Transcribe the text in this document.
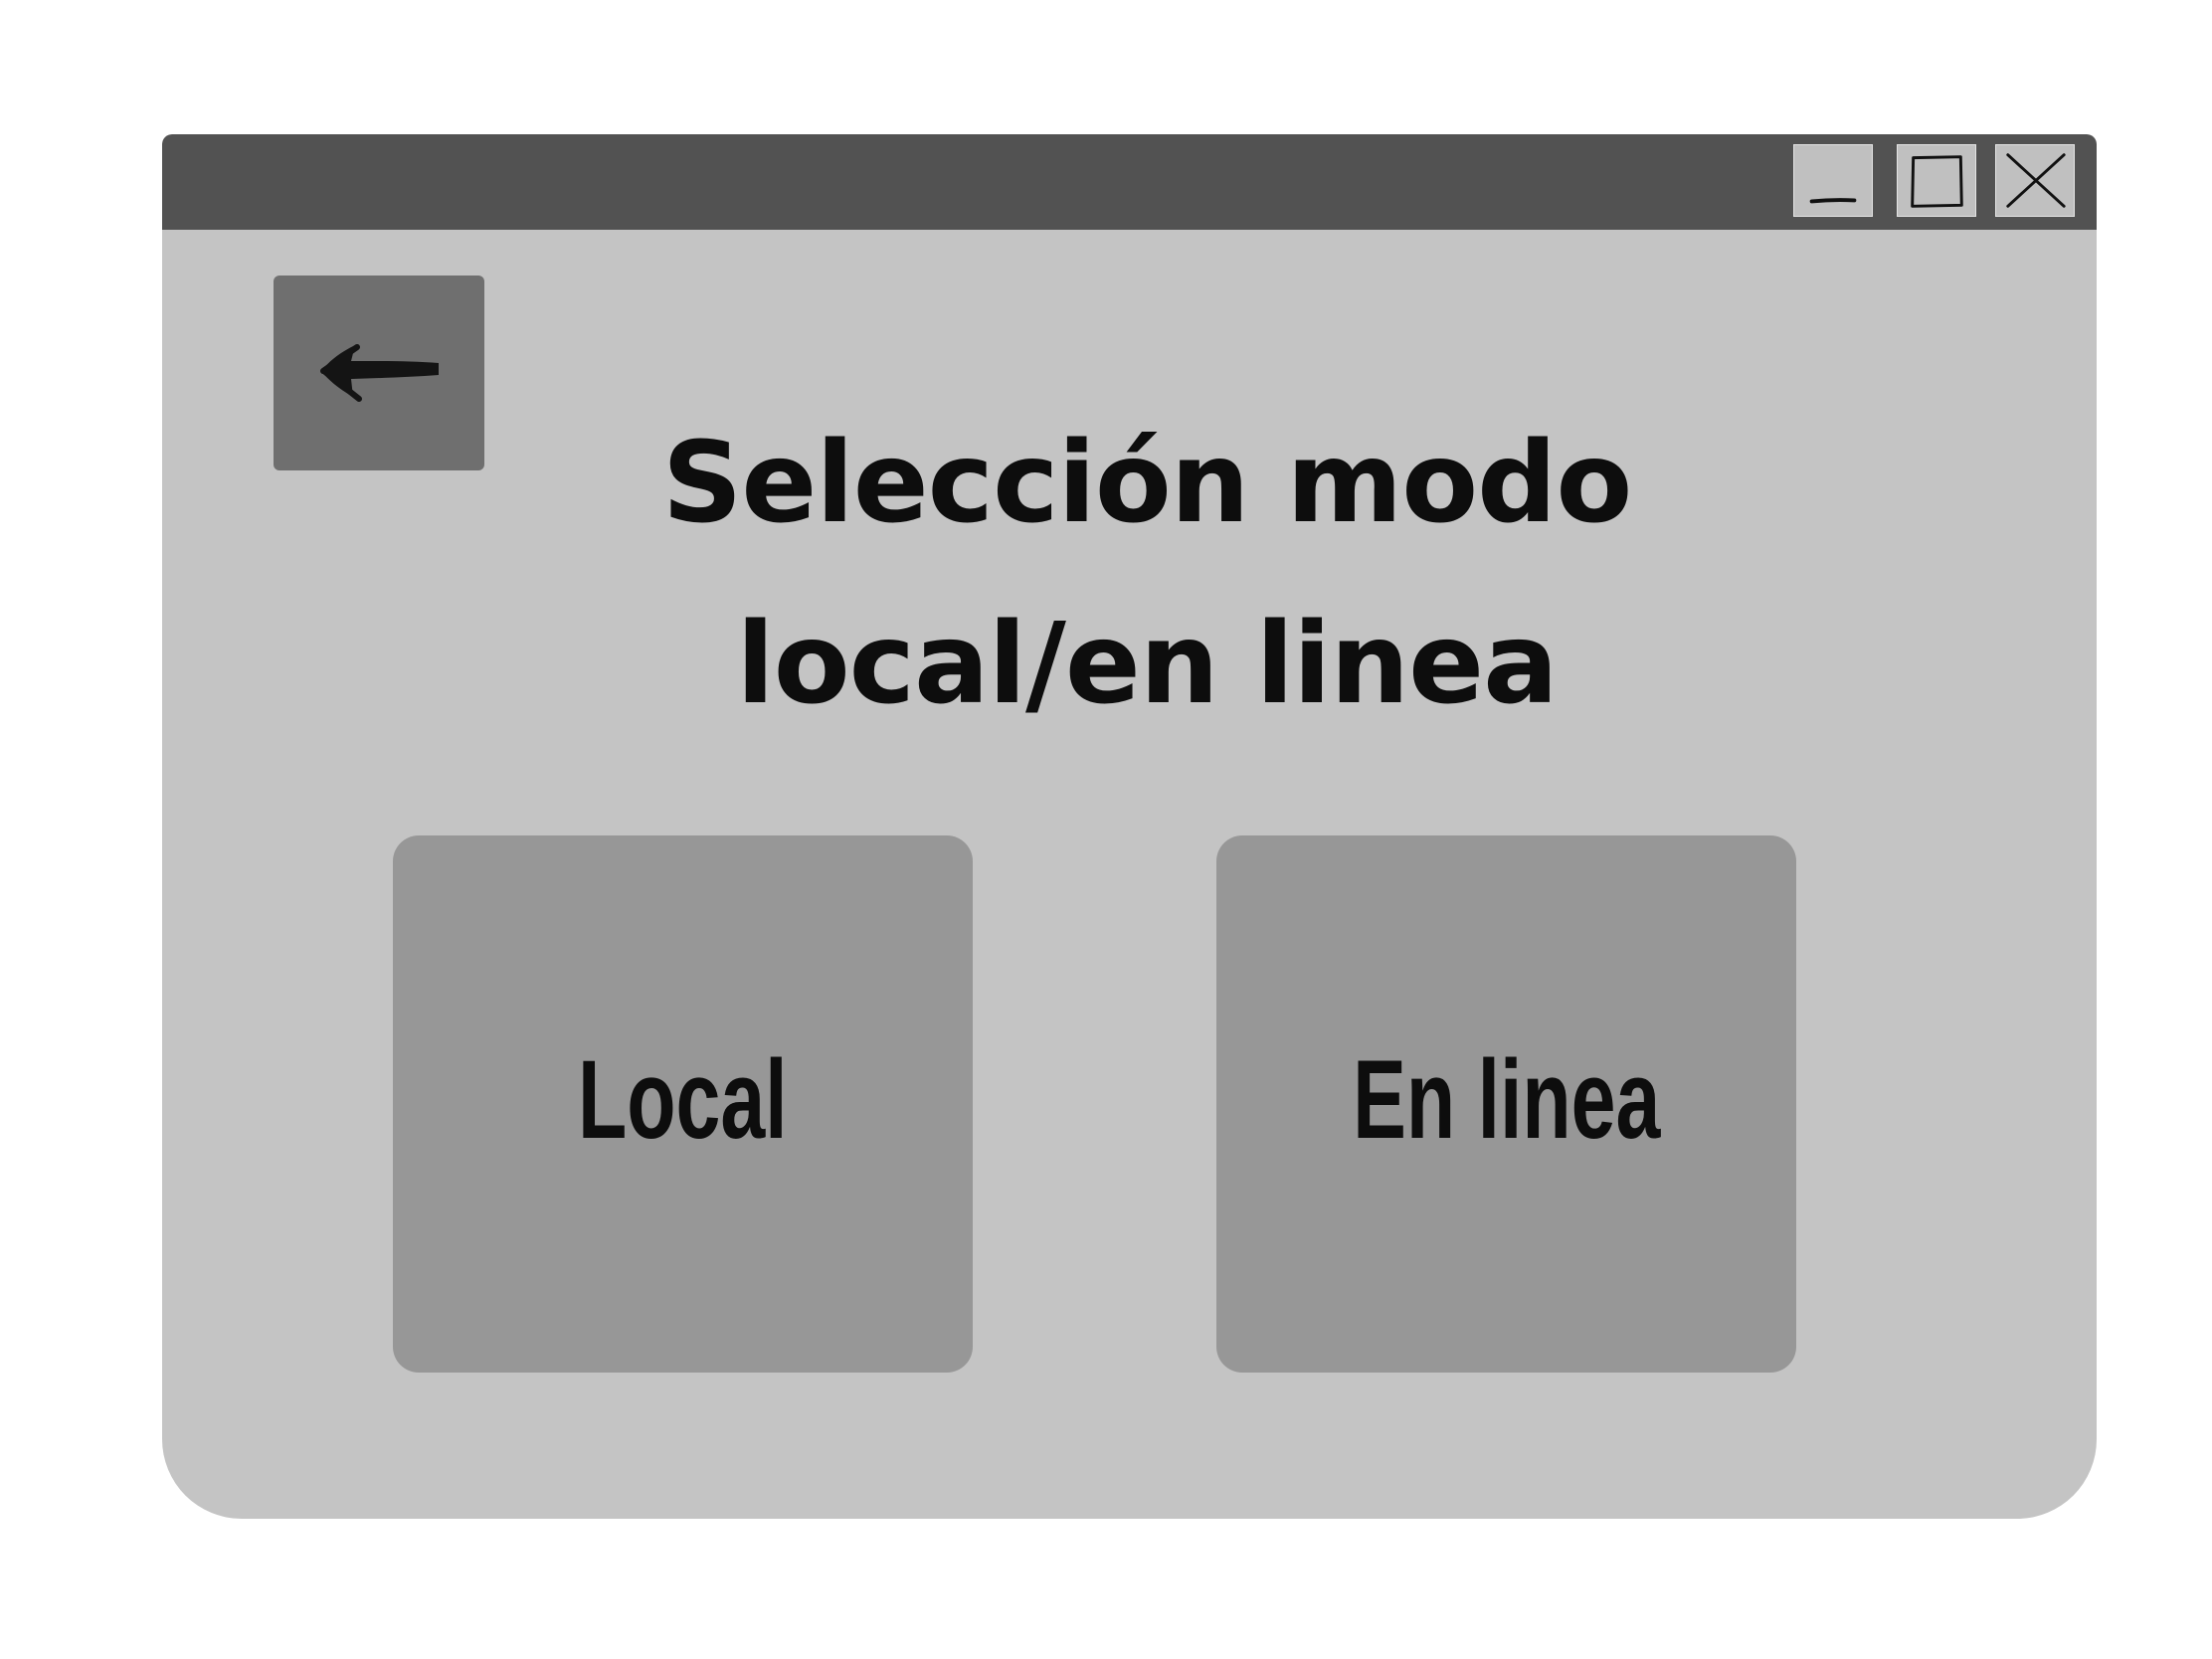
Selección modo
local/en linea
Local	En linea
